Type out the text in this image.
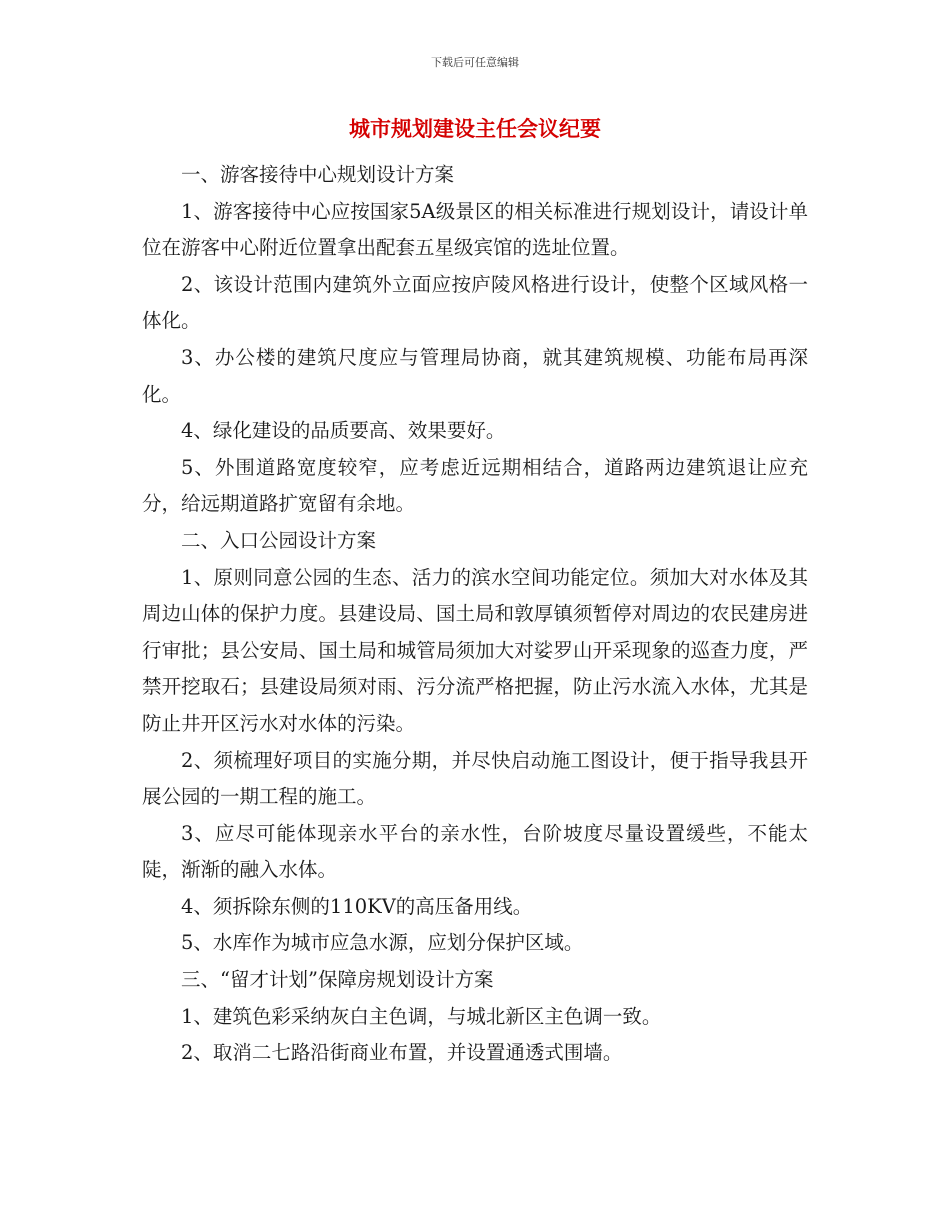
下载后可任意编辑
城市规划建设主任会议纪要

一、游客接待中心规划设计方案

1、游客接待中心应按国家5A级景区的相关标准进行规划设计，请设计单位在游客中心附近位置拿出配套五星级宾馆的选址位置。

2、该设计范围内建筑外立面应按庐陵风格进行设计，使整个区域风格一体化。

3、办公楼的建筑尺度应与管理局协商，就其建筑规模、功能布局再深化。

4、绿化建设的品质要高、效果要好。

5、外围道路宽度较窄，应考虑近远期相结合，道路两边建筑退让应充分，给远期道路扩宽留有余地。

二、入口公园设计方案

1、原则同意公园的生态、活力的滨水空间功能定位。须加大对水体及其周边山体的保护力度。县建设局、国土局和敦厚镇须暂停对周边的农民建房进行审批；县公安局、国土局和城管局须加大对娑罗山开采现象的巡查力度，严禁开挖取石；县建设局须对雨、污分流严格把握，防止污水流入水体，尤其是防止井开区污水对水体的污染。

2、须梳理好项目的实施分期，并尽快启动施工图设计，便于指导我县开展公园的一期工程的施工。

3、应尽可能体现亲水平台的亲水性，台阶坡度尽量设置缓些，不能太陡，渐渐的融入水体。

4、须拆除东侧的110KV的高压备用线。

5、水库作为城市应急水源，应划分保护区域。

三、“留才计划”保障房规划设计方案

1、建筑色彩采纳灰白主色调，与城北新区主色调一致。

2、取消二七路沿街商业布置，并设置通透式围墙。
